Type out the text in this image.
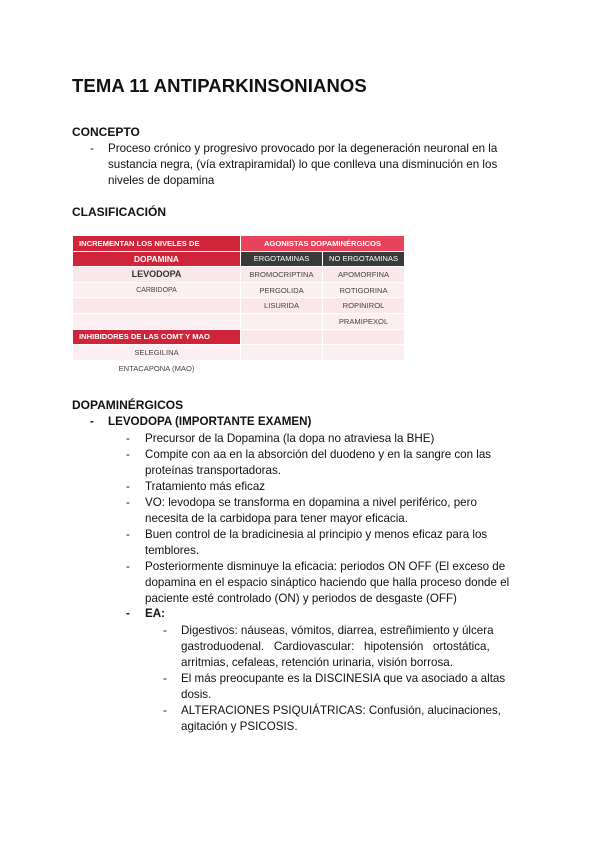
TEMA 11 ANTIPARKINSONIANOS
CONCEPTO
- Proceso crónico y progresivo provocado por la degeneración neuronal en la

sustancia negra, (vía extrapiramidal) lo que conlleva una disminución en los

niveles de dopamina

CLASIFICACIÓN
INCREMENTAN LOS NIVELES DE	AGONISTAS DOPAMINÉRGICOS	
DOPAMINA	ERGOTAMINAS	NO ERGOTAMINAS
LEVODOPA	BROMOCRIPTINA	APOMORFINA
CARBIDOPA	PERGOLIDA	ROTIGORINA
	LISURIDA	ROPINIROL
		PRAMIPEXOL
INHIBIDORES DE LAS COMT Y MAO		
SELEGILINA		
ENTACAPONA (MAO)		
DOPAMINÉRGICOS
- LEVODOPA (IMPORTANTE EXAMEN)
- Precursor de la Dopamina (la dopa no atraviesa la BHE)

- Compite con aa en la absorción del duodeno y en la sangre con las

proteínas transportadoras.

- Tratamiento más eficaz

- VO: levodopa se transforma en dopamina a nivel periférico, pero

necesita de la carbidopa para tener mayor eficacia.

- Buen control de la bradicinesia al principio y menos eficaz para los

temblores.

- Posteriormente disminuye la eficacia: periodos ON OFF (El exceso de

dopamina en el espacio sináptico haciendo que halla proceso donde el

paciente esté controlado (ON) y periodos de desgaste (OFF)

- EA:
- Digestivos: náuseas, vómitos, diarrea, estreñimiento y úlcera

gastroduodenal.   Cardiovascular:   hipotensión   ortostática,

arritmias, cefaleas, retención urinaria, visión borrosa.

- El más preocupante es la DISCINESIA que va asociado a altas

dosis.

- ALTERACIONES PSIQUIÁTRICAS: Confusión, alucinaciones,

agitación y PSICOSIS.
